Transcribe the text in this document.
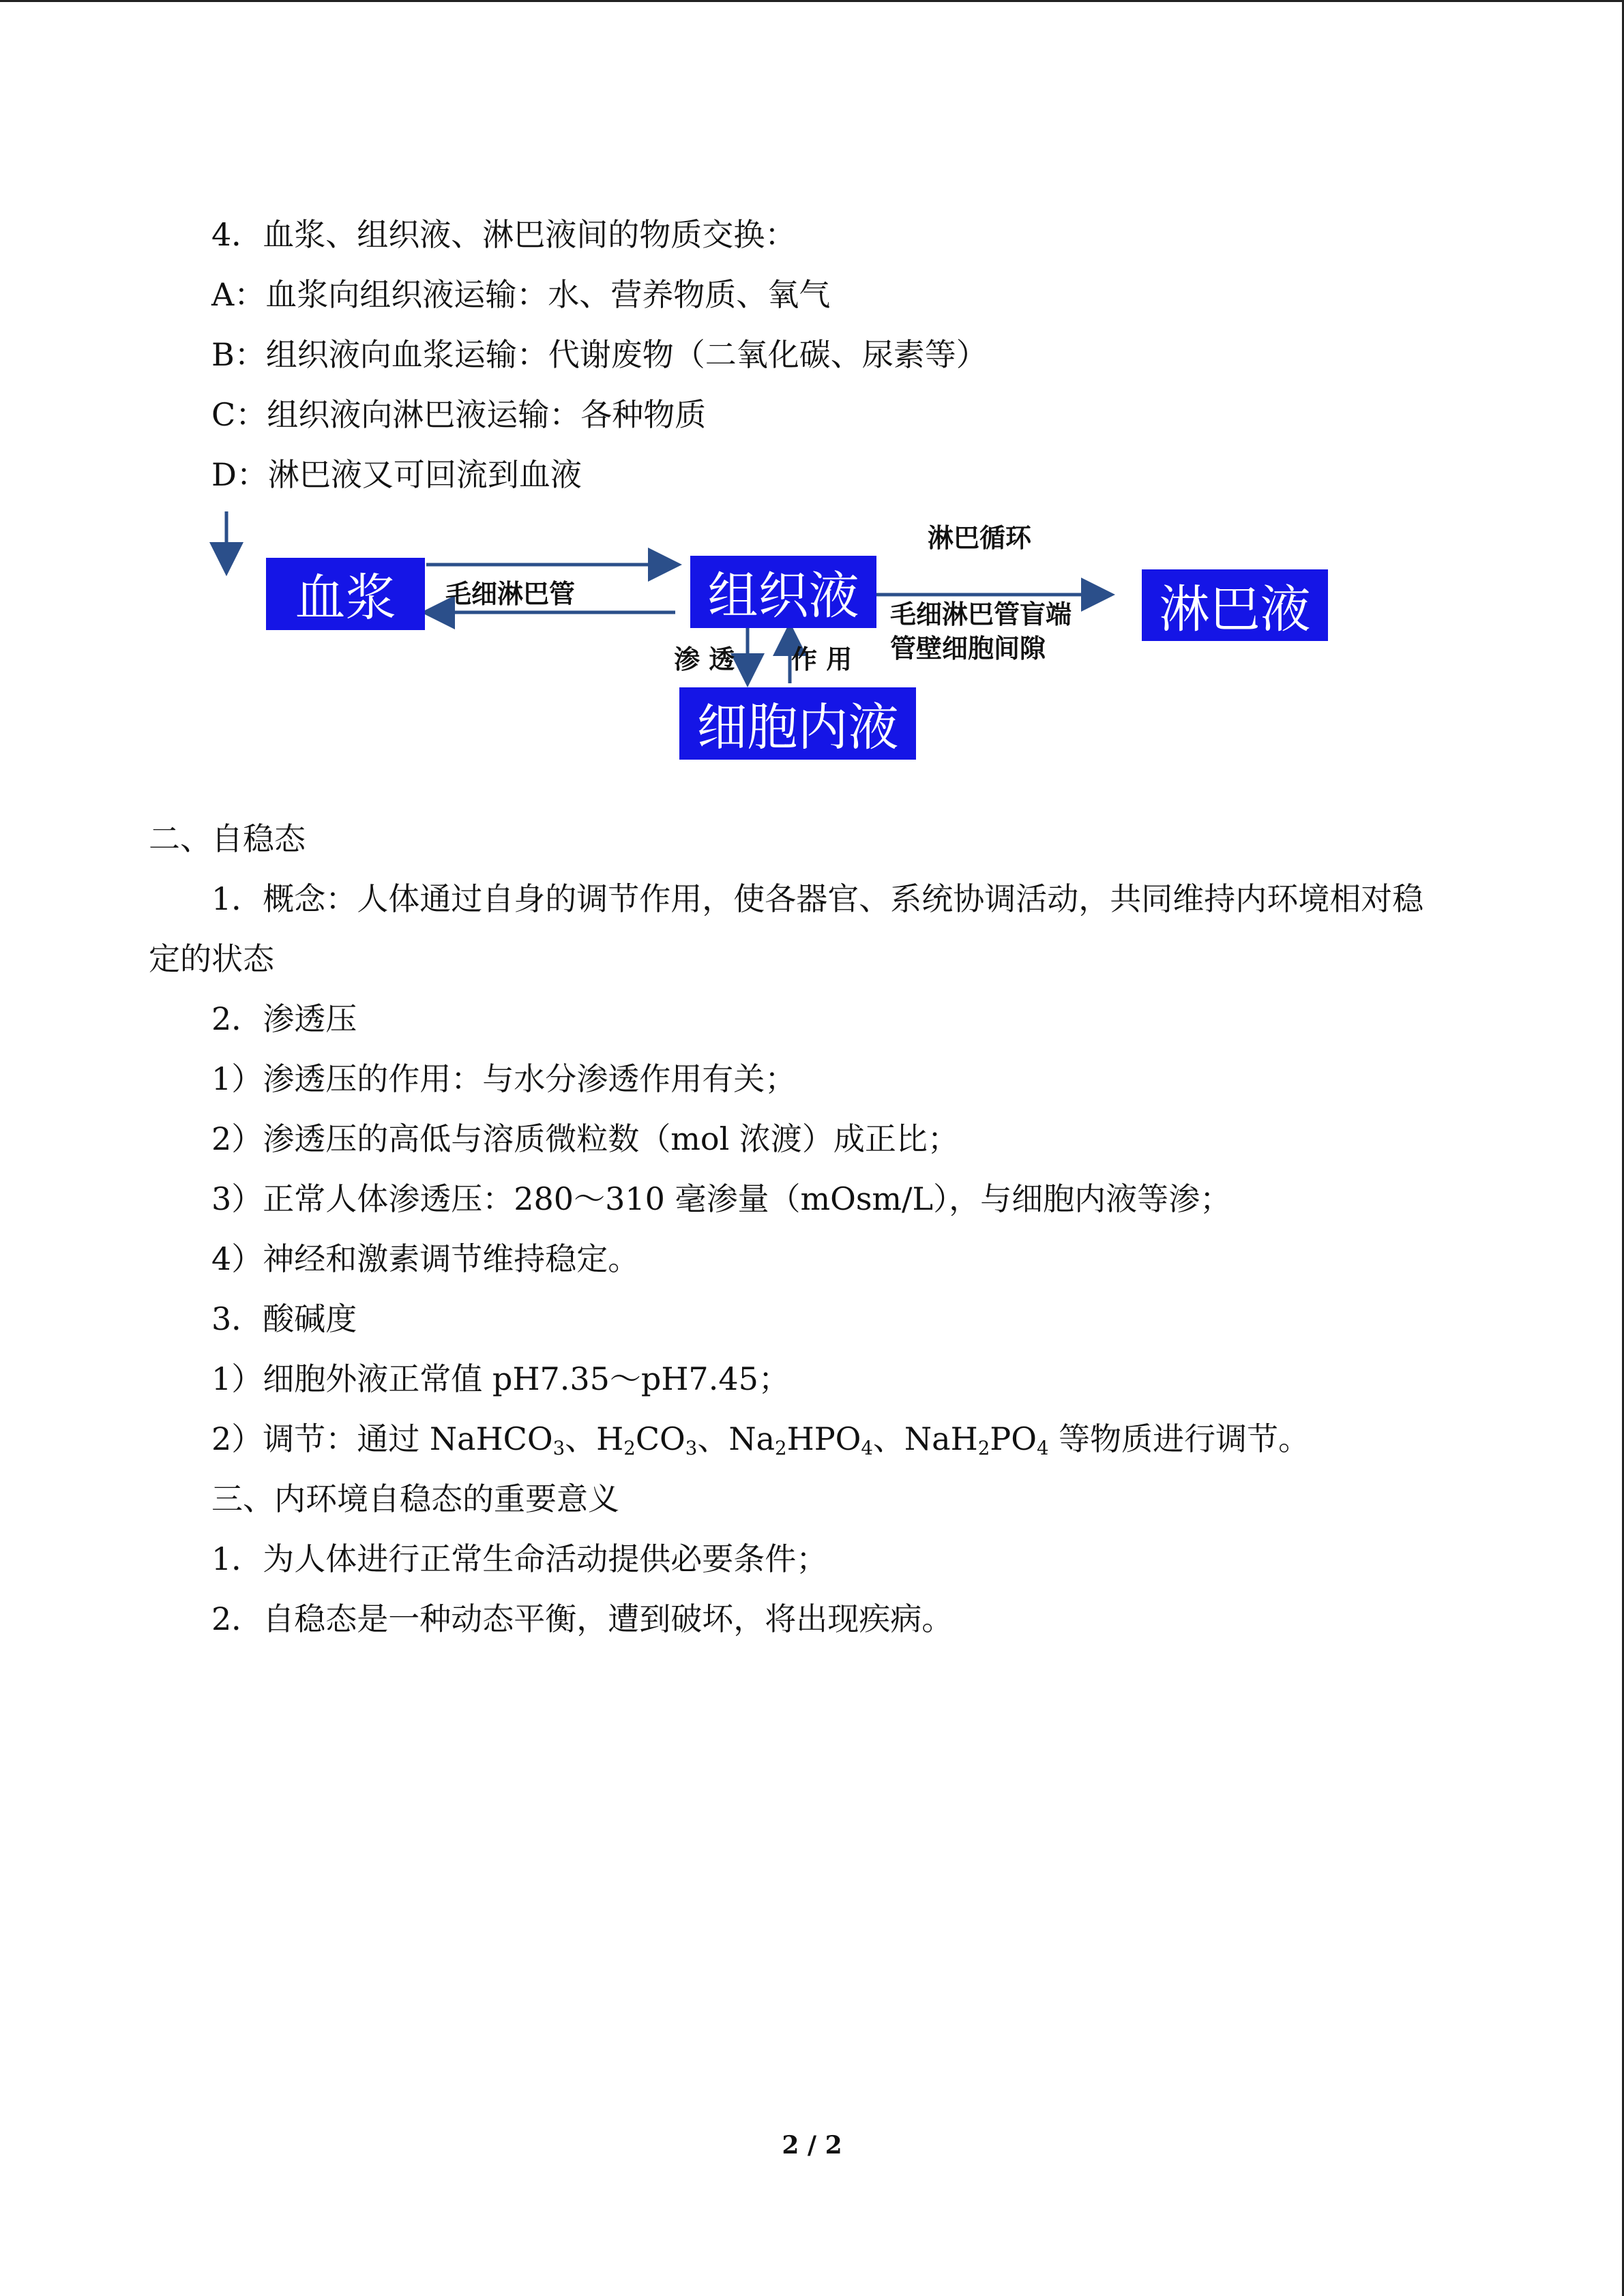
4．血浆、组织液、淋巴液间的物质交换：
A：血浆向组织液运输：水、营养物质、氧气
B：组织液向血浆运输：代谢废物（二氧化碳、尿素等）
C：组织液向淋巴液运输：各种物质
D：淋巴液又可回流到血液
血浆	组织液	淋巴液
细胞内液
毛细淋巴管
淋巴循环
毛细淋巴管盲端
管壁细胞间隙
渗 透 作 用
二、自稳态
1．概念：人体通过自身的调节作用，使各器官、系统协调活动，共同维持内环境相对稳
定的状态
2．渗透压
1）渗透压的作用：与水分渗透作用有关；
2）渗透压的高低与溶质微粒数（mol 浓渡）成正比；
3）正常人体渗透压：280～310 毫渗量（mOsm/L），与细胞内液等渗；
4）神经和激素调节维持稳定。
3．酸碱度
1）细胞外液正常值 pH7.35～pH7.45；
2）调节：通过 NaHCO$_3$、$H_2CO_3$、$Na_2HPO_4$、$NaH_2PO_4$ 等物质进行调节。
三、内环境自稳态的重要意义
1．为人体进行正常生命活动提供必要条件；
2．自稳态是一种动态平衡，遭到破坏，将出现疾病。
2 / 2
